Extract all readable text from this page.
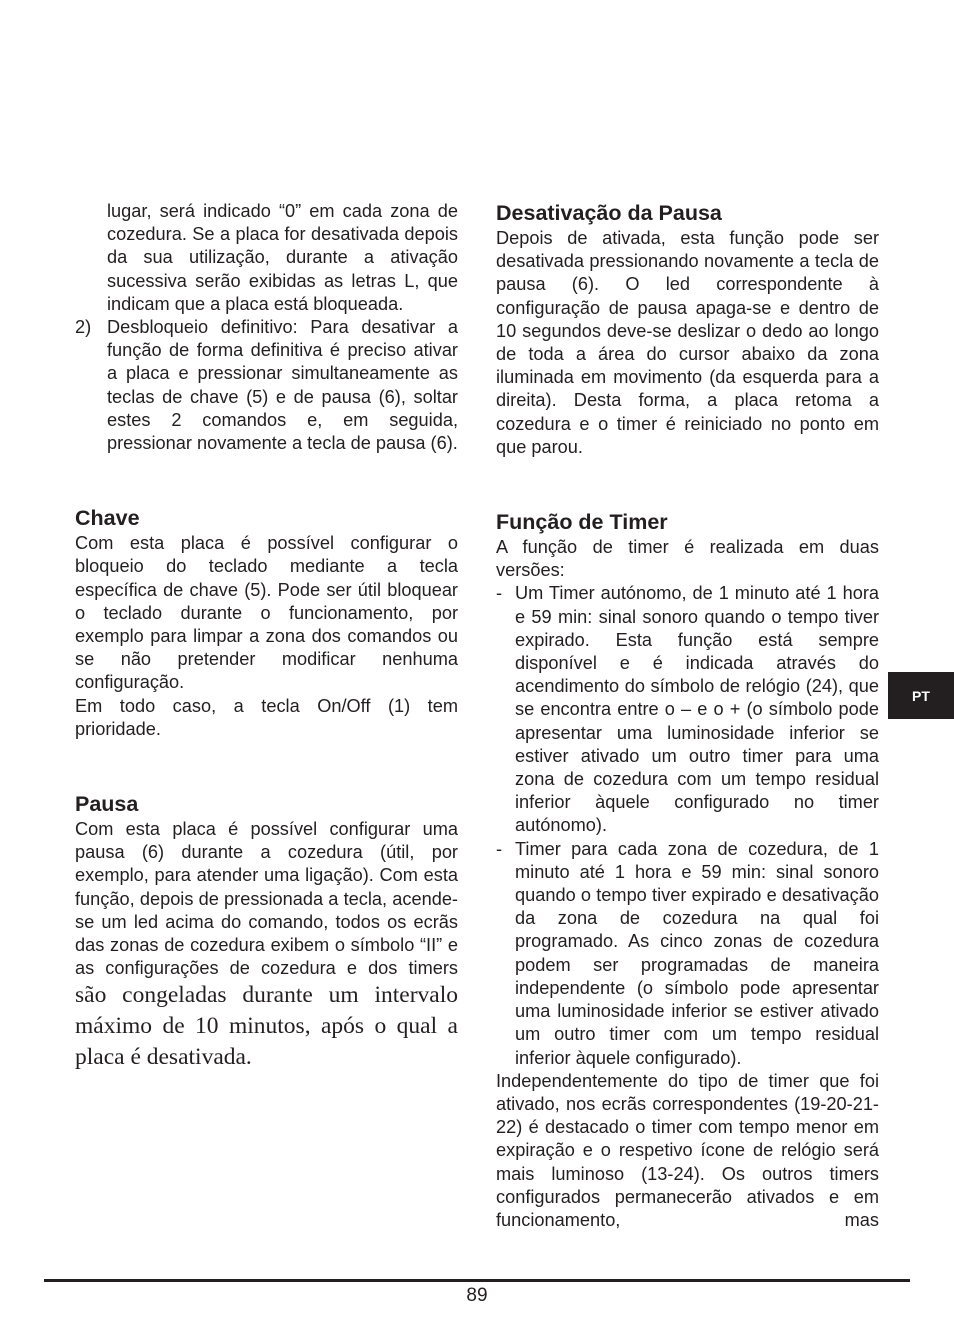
lugar, será indicado “0” em cada zona de cozedura. Se a placa for desativada depois da sua utilização, durante a ativação sucessiva serão exibidas as letras L, que indicam que a placa está bloqueada.

2) Desbloqueio definitivo: Para desativar a função de forma definitiva é preciso ativar a placa e pressionar simultaneamente as teclas de chave (5) e de pausa (6), soltar estes 2 comandos e, em seguida, pressionar novamente a tecla de pausa (6).
Chave

Com esta placa é possível configurar o bloqueio do teclado mediante a tecla específica de chave (5). Pode ser útil bloquear o teclado durante o funcionamento, por exemplo para limpar a zona dos comandos ou se não pretender modificar nenhuma configuração.

Em todo caso, a tecla On/Off (1) tem prioridade.

Pausa

Com esta placa é possível configurar uma pausa (6) durante a cozedura (útil, por exemplo, para atender uma ligação). Com esta função, depois de pressionada a tecla, acende-se um led acima do comando, todos os ecrãs das zonas de cozedura exibem o símbolo “II” e as configurações de cozedura e dos timers são congeladas durante um intervalo máximo de 10 minutos, após o qual a placa é desativada.

Desativação da Pausa

Depois de ativada, esta função pode ser desativada pressionando novamente a tecla de pausa (6). O led correspondente à configuração de pausa apaga-se e dentro de 10 segundos deve-se deslizar o dedo ao longo de toda a área do cursor abaixo da zona iluminada em movimento (da esquerda para a direita). Desta forma, a placa retoma a cozedura e o timer é reiniciado no ponto em que parou.

Função de Timer

A função de timer é realizada em duas versões:

- Um Timer autónomo, de 1 minuto até 1 hora e 59 min: sinal sonoro quando o tempo tiver expirado. Esta função está sempre disponível e é indicada através do acendimento do símbolo de relógio (24), que se encontra entre o – e o + (o símbolo pode apresentar uma luminosidade inferior se estiver ativado um outro timer para uma zona de cozedura com um tempo residual inferior àquele configurado no timer autónomo).
- Timer para cada zona de cozedura, de 1 minuto até 1 hora e 59 min: sinal sonoro quando o tempo tiver expirado e desativação da zona de cozedura na qual foi programado. As cinco zonas de cozedura podem ser programadas de maneira independente (o símbolo pode apresentar uma luminosidade inferior se estiver ativado um outro timer com um tempo residual inferior àquele configurado).

Independentemente do tipo de timer que foi ativado, nos ecrãs correspondentes (19-20-21-22) é destacado o timer com tempo menor em expiração e o respetivo ícone de relógio será mais luminoso (13-24). Os outros timers configurados permanecerão ativados e em funcionamento, mas

PT
89
